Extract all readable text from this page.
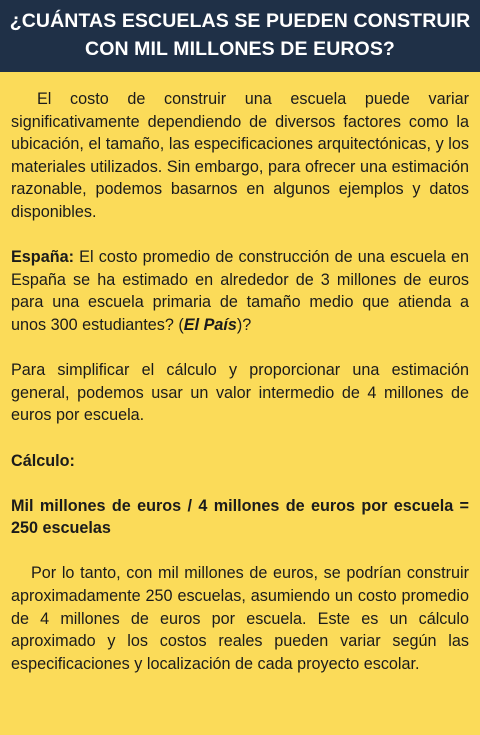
¿CUÁNTAS ESCUELAS SE PUEDEN CONSTRUIR CON MIL MILLONES DE EUROS?

El costo de construir una escuela puede variar significativamente dependiendo de diversos factores como la ubicación, el tamaño, las especificaciones arquitectónicas, y los materiales utilizados. Sin embargo, para ofrecer una estimación razonable, podemos basarnos en algunos ejemplos y datos disponibles.

España: El costo promedio de construcción de una escuela en España se ha estimado en alrededor de 3 millones de euros para una escuela primaria de tamaño medio que atienda a unos 300 estudiantes? (El País)?

Para simplificar el cálculo y proporcionar una estimación general, podemos usar un valor intermedio de 4 millones de euros por escuela.

Cálculo:

Mil millones de euros / 4 millones de euros por escuela = 250 escuelas

Por lo tanto, con mil millones de euros, se podrían construir aproximadamente 250 escuelas, asumiendo un costo promedio de 4 millones de euros por escuela. Este es un cálculo aproximado y los costos reales pueden variar según las especificaciones y localización de cada proyecto escolar.
